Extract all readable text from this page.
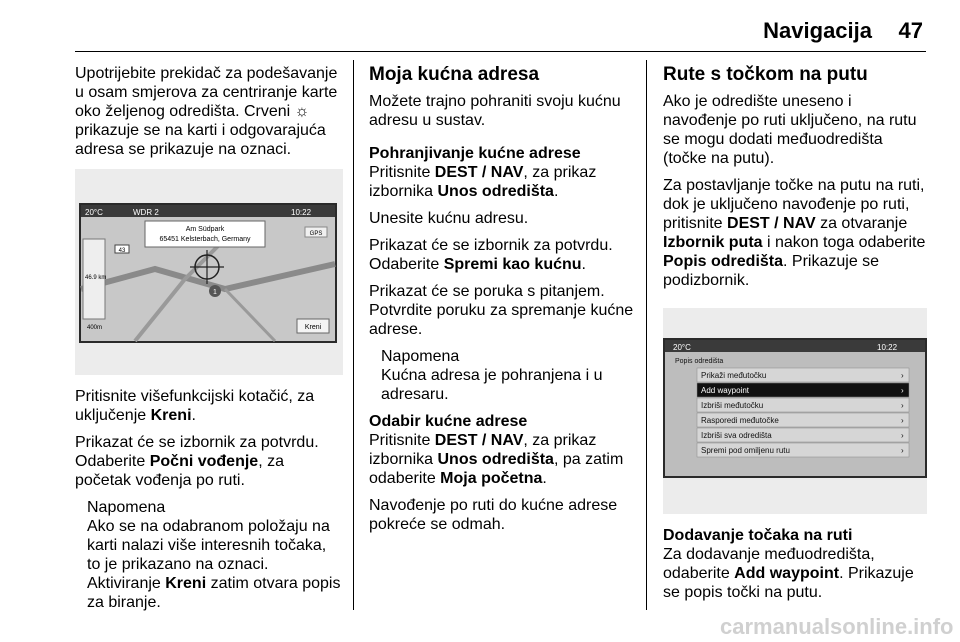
Navigacija 47

Upotrijebite prekidač za podešavanje u osam smjerova za centriranje karte oko željenog odredišta. Crveni ☼ prikazuje se na karti i odgovarajuća adresa se prikazuje na oznaci.

20°C	WDR 2	10:22
Am Südpark
65451 Kelsterbach, Germany
GPS
43
46.9 km
400m
1
Kreni

Pritisnite višefunkcijski kotačić, za uključenje Kreni.

Prikazat će se izbornik za potvrdu. Odaberite Počni vođenje, za početak vođenja po ruti.

Napomena
Ako se na odabranom položaju na karti nalazi više interesnih točaka, to je prikazano na oznaci. Aktiviranje Kreni zatim otvara popis za biranje.
Moja kućna adresa

Možete trajno pohraniti svoju kućnu adresu u sustav.

Pohranjivanje kućne adrese

Pritisnite DEST / NAV, za prikaz izbornika Unos odredišta.

Unesite kućnu adresu.

Prikazat će se izbornik za potvrdu. Odaberite Spremi kao kućnu.

Prikazat će se poruka s pitanjem. Potvrdite poruku za spremanje kućne adrese.

Napomena
Kućna adresa je pohranjena i u adresaru.

Odabir kućne adrese

Pritisnite DEST / NAV, za prikaz izbornika Unos odredišta, pa zatim odaberite Moja početna.

Navođenje po ruti do kućne adrese pokreće se odmah.

Rute s točkom na putu

Ako je odredište uneseno i navođenje po ruti uključeno, na rutu se mogu dodati međuodredišta (točke na putu).

Za postavljanje točke na putu na ruti, dok je uključeno navođenje po ruti, pritisnite DEST / NAV za otvaranje Izbornik puta i nakon toga odaberite Popis odredišta. Prikazuje se podizbornik.

20°C	10:22
Popis odredišta
Prikaži međutočku	›
Add waypoint	›
Izbriši međutočku	›
Rasporedi međutočke	›
Izbriši sva odredišta	›
Spremi pod omiljenu rutu	›

Dodavanje točaka na ruti

Za dodavanje međuodredišta, odaberite Add waypoint. Prikazuje se popis točki na putu.

carmanualsonline.info
